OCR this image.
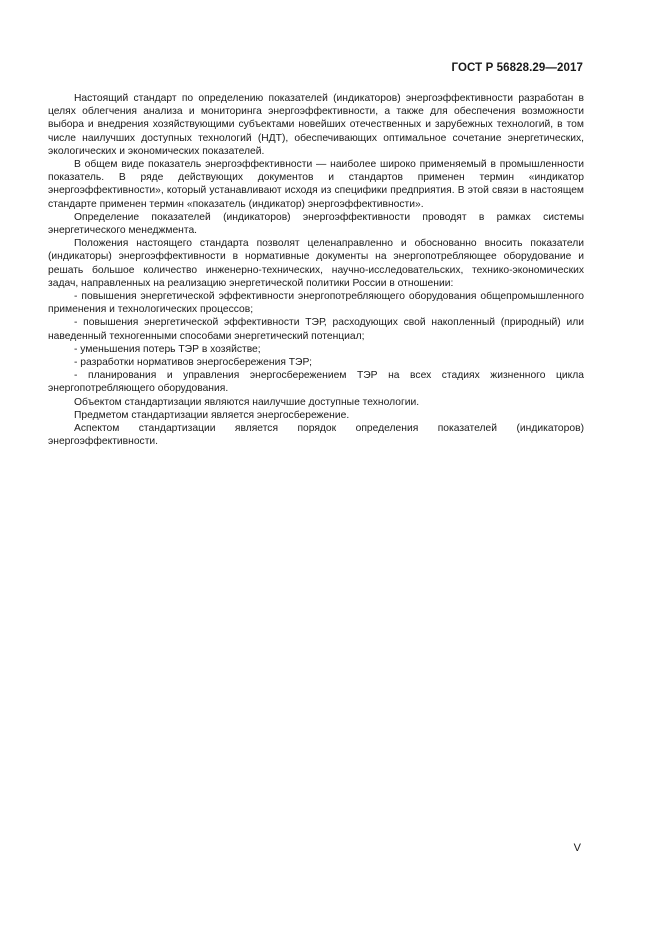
ГОСТ Р 56828.29—2017

Настоящий стандарт по определению показателей (индикаторов) энергоэффективности разработан в целях облегчения анализа и мониторинга энергоэффективности, а также для обеспечения возможности выбора и внедрения хозяйствующими субъектами новейших отечественных и зарубежных технологий, в том числе наилучших доступных технологий (НДТ), обеспечивающих оптимальное сочетание энергетических, экологических и экономических показателей.

В общем виде показатель энергоэффективности — наиболее широко применяемый в промышленности показатель. В ряде действующих документов и стандартов применен термин «индикатор энергоэффективности», который устанавливают исходя из специфики предприятия. В этой связи в настоящем стандарте применен термин «показатель (индикатор) энергоэффективности».

Определение показателей (индикаторов) энергоэффективности проводят в рамках системы энергетического менеджмента.

Положения настоящего стандарта позволят целенаправленно и обоснованно вносить показатели (индикаторы) энергоэффективности в нормативные документы на энергопотребляющее оборудование и решать большое количество инженерно-технических, научно-исследовательских, технико-экономических задач, направленных на реализацию энергетической политики России в отношении:

- повышения энергетической эффективности энергопотребляющего оборудования общепромышленного применения и технологических процессов;

- повышения энергетической эффективности ТЭР, расходующих свой накопленный (природный) или наведенный техногенными способами энергетический потенциал;

- уменьшения потерь ТЭР в хозяйстве;

- разработки нормативов энергосбережения ТЭР;

- планирования и управления энергосбережением ТЭР на всех стадиях жизненного цикла энергопотребляющего оборудования.

Объектом стандартизации являются наилучшие доступные технологии.

Предметом стандартизации является энергосбережение.

Аспектом стандартизации является порядок определения показателей (индикаторов) энергоэффективности.

V
